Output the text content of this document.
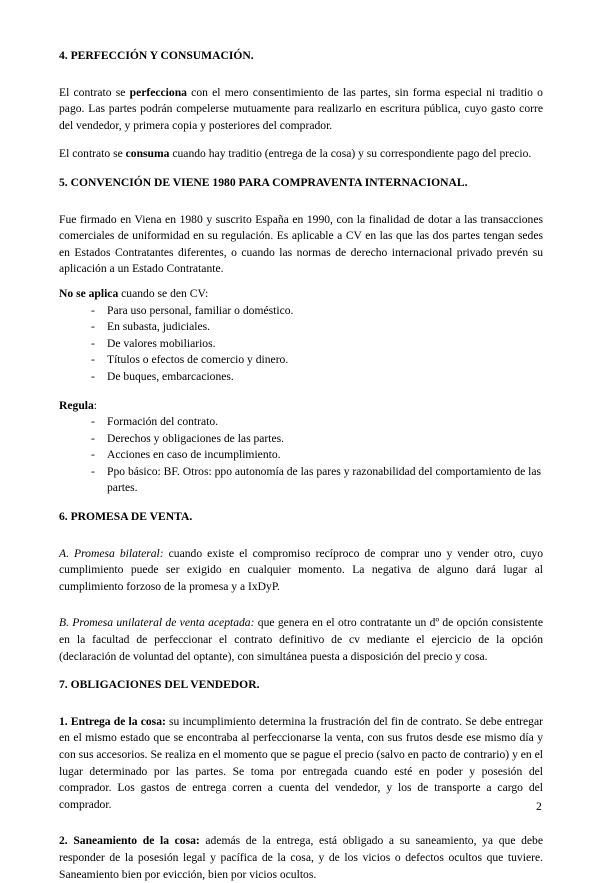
4. PERFECCIÓN Y CONSUMACIÓN.

El contrato se perfecciona con el mero consentimiento de las partes, sin forma especial ni traditio o pago. Las partes podrán compelerse mutuamente para realizarlo en escritura pública, cuyo gasto corre del vendedor, y primera copia y posteriores del comprador.

El contrato se consuma cuando hay traditio (entrega de la cosa) y su correspondiente pago del precio.

5. CONVENCIÓN DE VIENE 1980 PARA COMPRAVENTA INTERNACIONAL.

Fue firmado en Viena en 1980 y suscrito España en 1990, con la finalidad de dotar a las transacciones comerciales de uniformidad en su regulación. Es aplicable a CV en las que las dos partes tengan sedes en Estados Contratantes diferentes, o cuando las normas de derecho internacional privado prevén su aplicación a un Estado Contratante.

No se aplica cuando se den CV:

- Para uso personal, familiar o doméstico.
- En subasta, judiciales.
- De valores mobiliarios.
- Títulos o efectos de comercio y dinero.
- De buques, embarcaciones.

Regula:

- Formación del contrato.
- Derechos y obligaciones de las partes.
- Acciones en caso de incumplimiento.
- Ppo básico: BF. Otros: ppo autonomía de las pares y razonabilidad del comportamiento de las partes.

6. PROMESA DE VENTA.

A. Promesa bilateral: cuando existe el compromiso recíproco de comprar uno y vender otro, cuyo cumplimiento puede ser exigido en cualquier momento. La negativa de alguno dará lugar al cumplimiento forzoso de la promesa y a IxDyP.

B. Promesa unilateral de venta aceptada: que genera en el otro contratante un dº de opción consistente en la facultad de perfeccionar el contrato definitivo de cv mediante el ejercicio de la opción (declaración de voluntad del optante), con simultánea puesta a disposición del precio y cosa.

7. OBLIGACIONES DEL VENDEDOR.

1. Entrega de la cosa: su incumplimiento determina la frustración del fin de contrato. Se debe entregar en el mismo estado que se encontraba al perfeccionarse la venta, con sus frutos desde ese mismo día y con sus accesorios. Se realiza en el momento que se pague el precio (salvo en pacto de contrario) y en el lugar determinado por las partes. Se toma por entregada cuando esté en poder y posesión del comprador. Los gastos de entrega corren a cuenta del vendedor, y los de transporte a cargo del comprador.

2. Saneamiento de la cosa: además de la entrega, está obligado a su saneamiento, ya que debe responder de la posesión legal y pacífica de la cosa, y de los vicios o defectos ocultos que tuviere. Saneamiento bien por evicción, bien por vicios ocultos.

2
